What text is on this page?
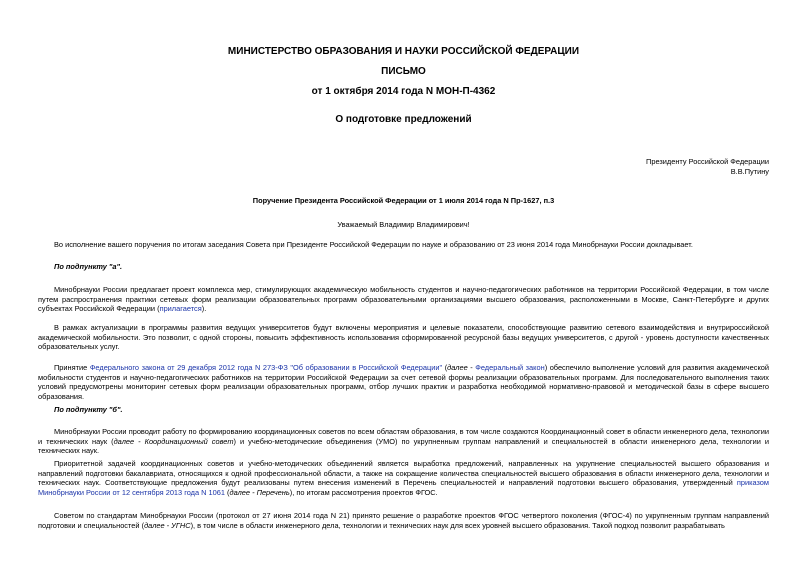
МИНИСТЕРСТВО ОБРАЗОВАНИЯ И НАУКИ РОССИЙСКОЙ ФЕДЕРАЦИИ
ПИСЬМО
от 1 октября 2014 года N МОН-П-4362
О подготовке предложений
Президенту Российской Федерации
В.В.Путину
Поручение Президента Российской Федерации от 1 июля 2014 года N Пр-1627, п.3
Уважаемый Владимир Владимирович!
Во исполнение вашего поручения по итогам заседания Совета при Президенте Российской Федерации по науке и образованию от 23 июня 2014 года Минобрнауки России докладывает.
По подпункту "а".
Минобрнауки России предлагает проект комплекса мер, стимулирующих академическую мобильность студентов и научно-педагогических работников на территории Российской Федерации, в том числе путем распространения практики сетевых форм реализации образовательных программ образовательными организациями высшего образования, расположенными в Москве, Санкт-Петербурге и других субъектах Российской Федерации (прилагается).
В рамках актуализации в программы развития ведущих университетов будут включены мероприятия и целевые показатели, способствующие развитию сетевого взаимодействия и внутрироссийской академической мобильности. Это позволит, с одной стороны, повысить эффективность использования сформированной ресурсной базы ведущих университетов, с другой - уровень доступности качественных образовательных услуг.
Принятие Федерального закона от 29 декабря 2012 года N 273-ФЗ "Об образовании в Российской Федерации" (далее - Федеральный закон) обеспечило выполнение условий для развития академической мобильности студентов и научно-педагогических работников на территории Российской Федерации за счет сетевой формы реализации образовательных программ. Для последовательного выполнения таких условий предусмотрены мониторинг сетевых форм реализации образовательных программ, отбор лучших практик и разработка необходимой нормативно-правовой и методической базы в сфере высшего образования.
По подпункту "б".
Минобрнауки России проводит работу по формированию координационных советов по всем областям образования, в том числе создаются Координационный совет в области инженерного дела, технологии и технических наук (далее - Координационный совет) и учебно-методические объединения (УМО) по укрупненным группам направлений и специальностей в области инженерного дела, технологии и технических наук.
Приоритетной задачей координационных советов и учебно-методических объединений является выработка предложений, направленных на укрупнение специальностей высшего образования и направлений подготовки бакалавриата, относящихся к одной профессиональной области, а также на сокращение количества специальностей высшего образования в области инженерного дела, технологии и технических наук. Соответствующие предложения будут реализованы путем внесения изменений в Перечень специальностей и направлений подготовки высшего образования, утвержденный приказом Минобрнауки России от 12 сентября 2013 года N 1061 (далее - Перечень), по итогам рассмотрения проектов ФГОС.
Советом по стандартам Минобрнауки России (протокол от 27 июня 2014 года N 21) принято решение о разработке проектов ФГОС четвертого поколения (ФГОС-4) по укрупненным группам направлений подготовки и специальностей (далее - УГНС), в том числе в области инженерного дела, технологии и технических наук для всех уровней высшего образования. Такой подход позволит разрабатывать
